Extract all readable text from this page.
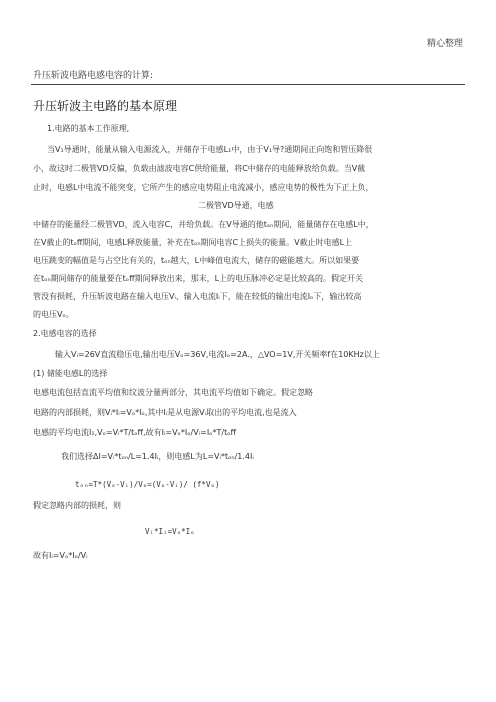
精心整理
升压斩波电路电感电容的计算:
升压斩波主电路的基本原理
1.电路的基本工作原理,
当V₁导通时，能量从输入电源流入，并储存于电感L₁中，由于V₁导?通期间正向饱和管压降很
小，故这时二极管VD反偏，负载由滤波电容C供给能量，将C中储存的电能释放给负载。当V截
止时，电感L中电流不能突变，它所产生的感应电势阻止电流减小，感应电势的极性为下正上负，
二极管VD导通，电感
中储存的能量经二极管VD，流入电容C，并给负载。在V导通的他tₒₙ期间，能量储存在电感L中，
在V截止的tₒff期间，电感L释放能量，补充在tₒₙ期间电容C上损失的能量。V截止时电感L上
电压跳变的幅值是与占空比有关的，tₒₙ越大，L中峰值电流大，储存的磁能越大。所以如果要
在tₒₙ期间储存的能量要在tₒff期间释放出来，那末，L上的电压脉冲必定是比较高的。假定开关
管没有损耗，升压斩波电路在输入电压Vᵢ、输入电流Iᵢ下，能在较低的输出电流Iₒ下，输出较高
的电压Vₒ。
2.电感电容的选择
输入Vᵢ=26V直流稳压电,输出电压Vₒ=36V,电流Iₒ=2A.，△VO=1V,开关频率f在10KHz以上
(1) 储能电感L的选择
电感电流包括直流平均值和纹波分量两部分，其电流平均值如下确定。假定忽略
电路的内部损耗，则Vᵢ*Iᵢ=Vₒ*Iₒ,其中Iᵢ是从电源Vᵢ取出的平均电流,也是流入
电感的平均电流I₁,Vₒ=Vᵢ*T/tₒff,故有Iᵢ=Vₒ*Iₒ/Vᵢ=Iₒ*T/tₒff
我们选择ΔI=Vᵢ*tₒₙ/L=1.4Iᵢ，则电感L为L=Vᵢ*tₒₙ/1.4Iᵢ
tₒₙ=T*(Vₒ-Vᵢ)/Vₒ=(Vₒ-Vᵢ)/ (f*Vₒ)
假定忽略内部的损耗，则
Vᵢ*Iᵢ=Vₒ*Iₒ
故有Iᵢ=Vₒ*Iₒ/Vᵢ
